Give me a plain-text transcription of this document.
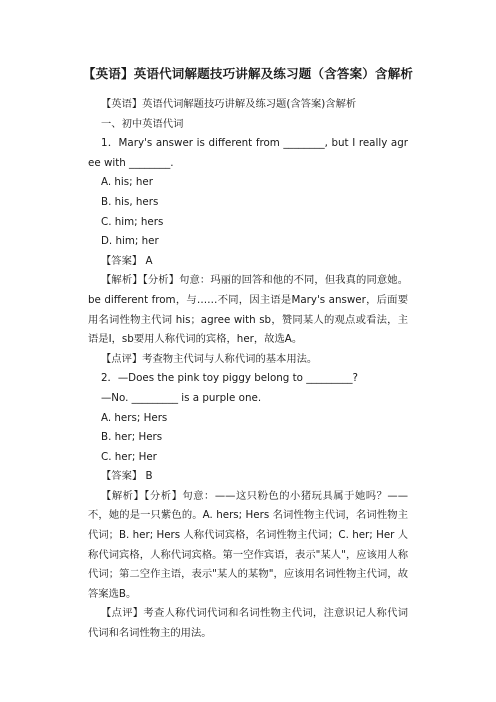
【英语】英语代词解题技巧讲解及练习题（含答案）含解析

【英语】英语代词解题技巧讲解及练习题(含答案)含解析

一、初中英语代词

1．Mary's answer is different from ________, but I really agree with ________.

A. his; her

B. his, hers

C. him; hers

D. him; her

【答案】 A

【解析】【分析】句意：玛丽的回答和他的不同，但我真的同意她。be different from，与……不同，因主语是Mary's answer，后面要用名词性物主代词 his；agree with sb，赞同某人的观点或看法，主语是I，sb要用人称代词的宾格，her，故选A。

【点评】考查物主代词与人称代词的基本用法。

2．—Does the pink toy piggy belong to _________?

—No. _________ is a purple one.

A. hers; Hers

B. her; Hers

C. her; Her

【答案】 B

【解析】【分析】句意：——这只粉色的小猪玩具属于她吗？——不，她的是一只紫色的。A. hers; Hers 名词性物主代词，名词性物主代词；B. her; Hers 人称代词宾格，名词性物主代词；C. her; Her 人称代词宾格，人称代词宾格。第一空作宾语，表示"某人"，应该用人称代词；第二空作主语，表示"某人的某物"，应该用名词性物主代词，故答案选B。

【点评】考查人称代词代词和名词性物主代词，注意识记人称代词代词和名词性物主的用法。
